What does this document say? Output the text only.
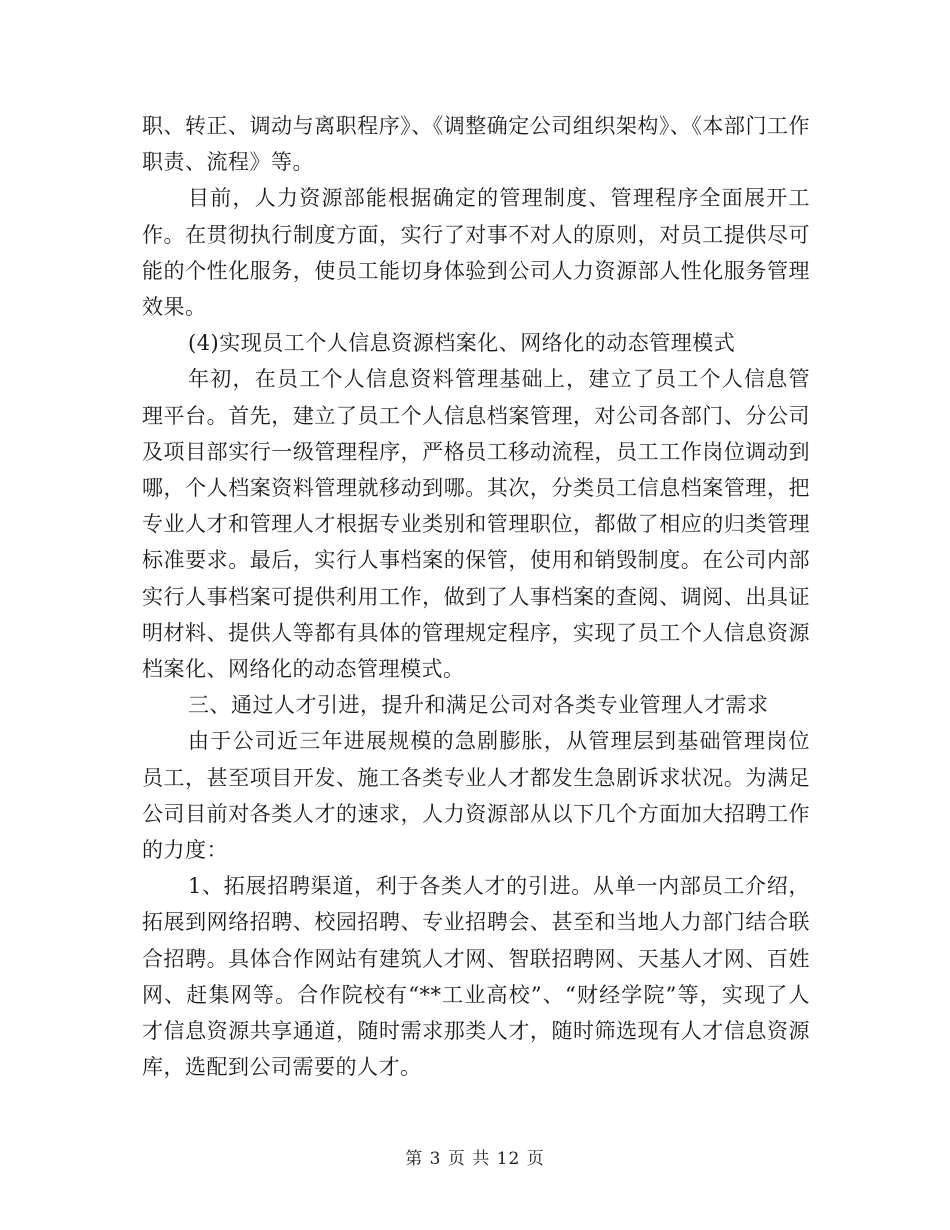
职、转正、调动与离职程序》、《调整确定公司组织架构》、《本部门工作职责、流程》等。

目前，人力资源部能根据确定的管理制度、管理程序全面展开工作。在贯彻执行制度方面，实行了对事不对人的原则，对员工提供尽可能的个性化服务，使员工能切身体验到公司人力资源部人性化服务管理效果。

(4)实现员工个人信息资源档案化、网络化的动态管理模式

年初，在员工个人信息资料管理基础上，建立了员工个人信息管理平台。首先，建立了员工个人信息档案管理，对公司各部门、分公司及项目部实行一级管理程序，严格员工移动流程，员工工作岗位调动到哪，个人档案资料管理就移动到哪。其次，分类员工信息档案管理，把专业人才和管理人才根据专业类别和管理职位，都做了相应的归类管理标准要求。最后，实行人事档案的保管，使用和销毁制度。在公司内部实行人事档案可提供利用工作，做到了人事档案的查阅、调阅、出具证明材料、提供人等都有具体的管理规定程序，实现了员工个人信息资源档案化、网络化的动态管理模式。

三、通过人才引进，提升和满足公司对各类专业管理人才需求

由于公司近三年进展规模的急剧膨胀，从管理层到基础管理岗位员工，甚至项目开发、施工各类专业人才都发生急剧诉求状况。为满足公司目前对各类人才的速求，人力资源部从以下几个方面加大招聘工作的力度：

1、拓展招聘渠道，利于各类人才的引进。从单一内部员工介绍，拓展到网络招聘、校园招聘、专业招聘会、甚至和当地人力部门结合联合招聘。具体合作网站有建筑人才网、智联招聘网、天基人才网、百姓网、赶集网等。合作院校有“**工业高校”、“财经学院”等，实现了人才信息资源共享通道，随时需求那类人才，随时筛选现有人才信息资源库，选配到公司需要的人才。

第 3 页 共 12 页
